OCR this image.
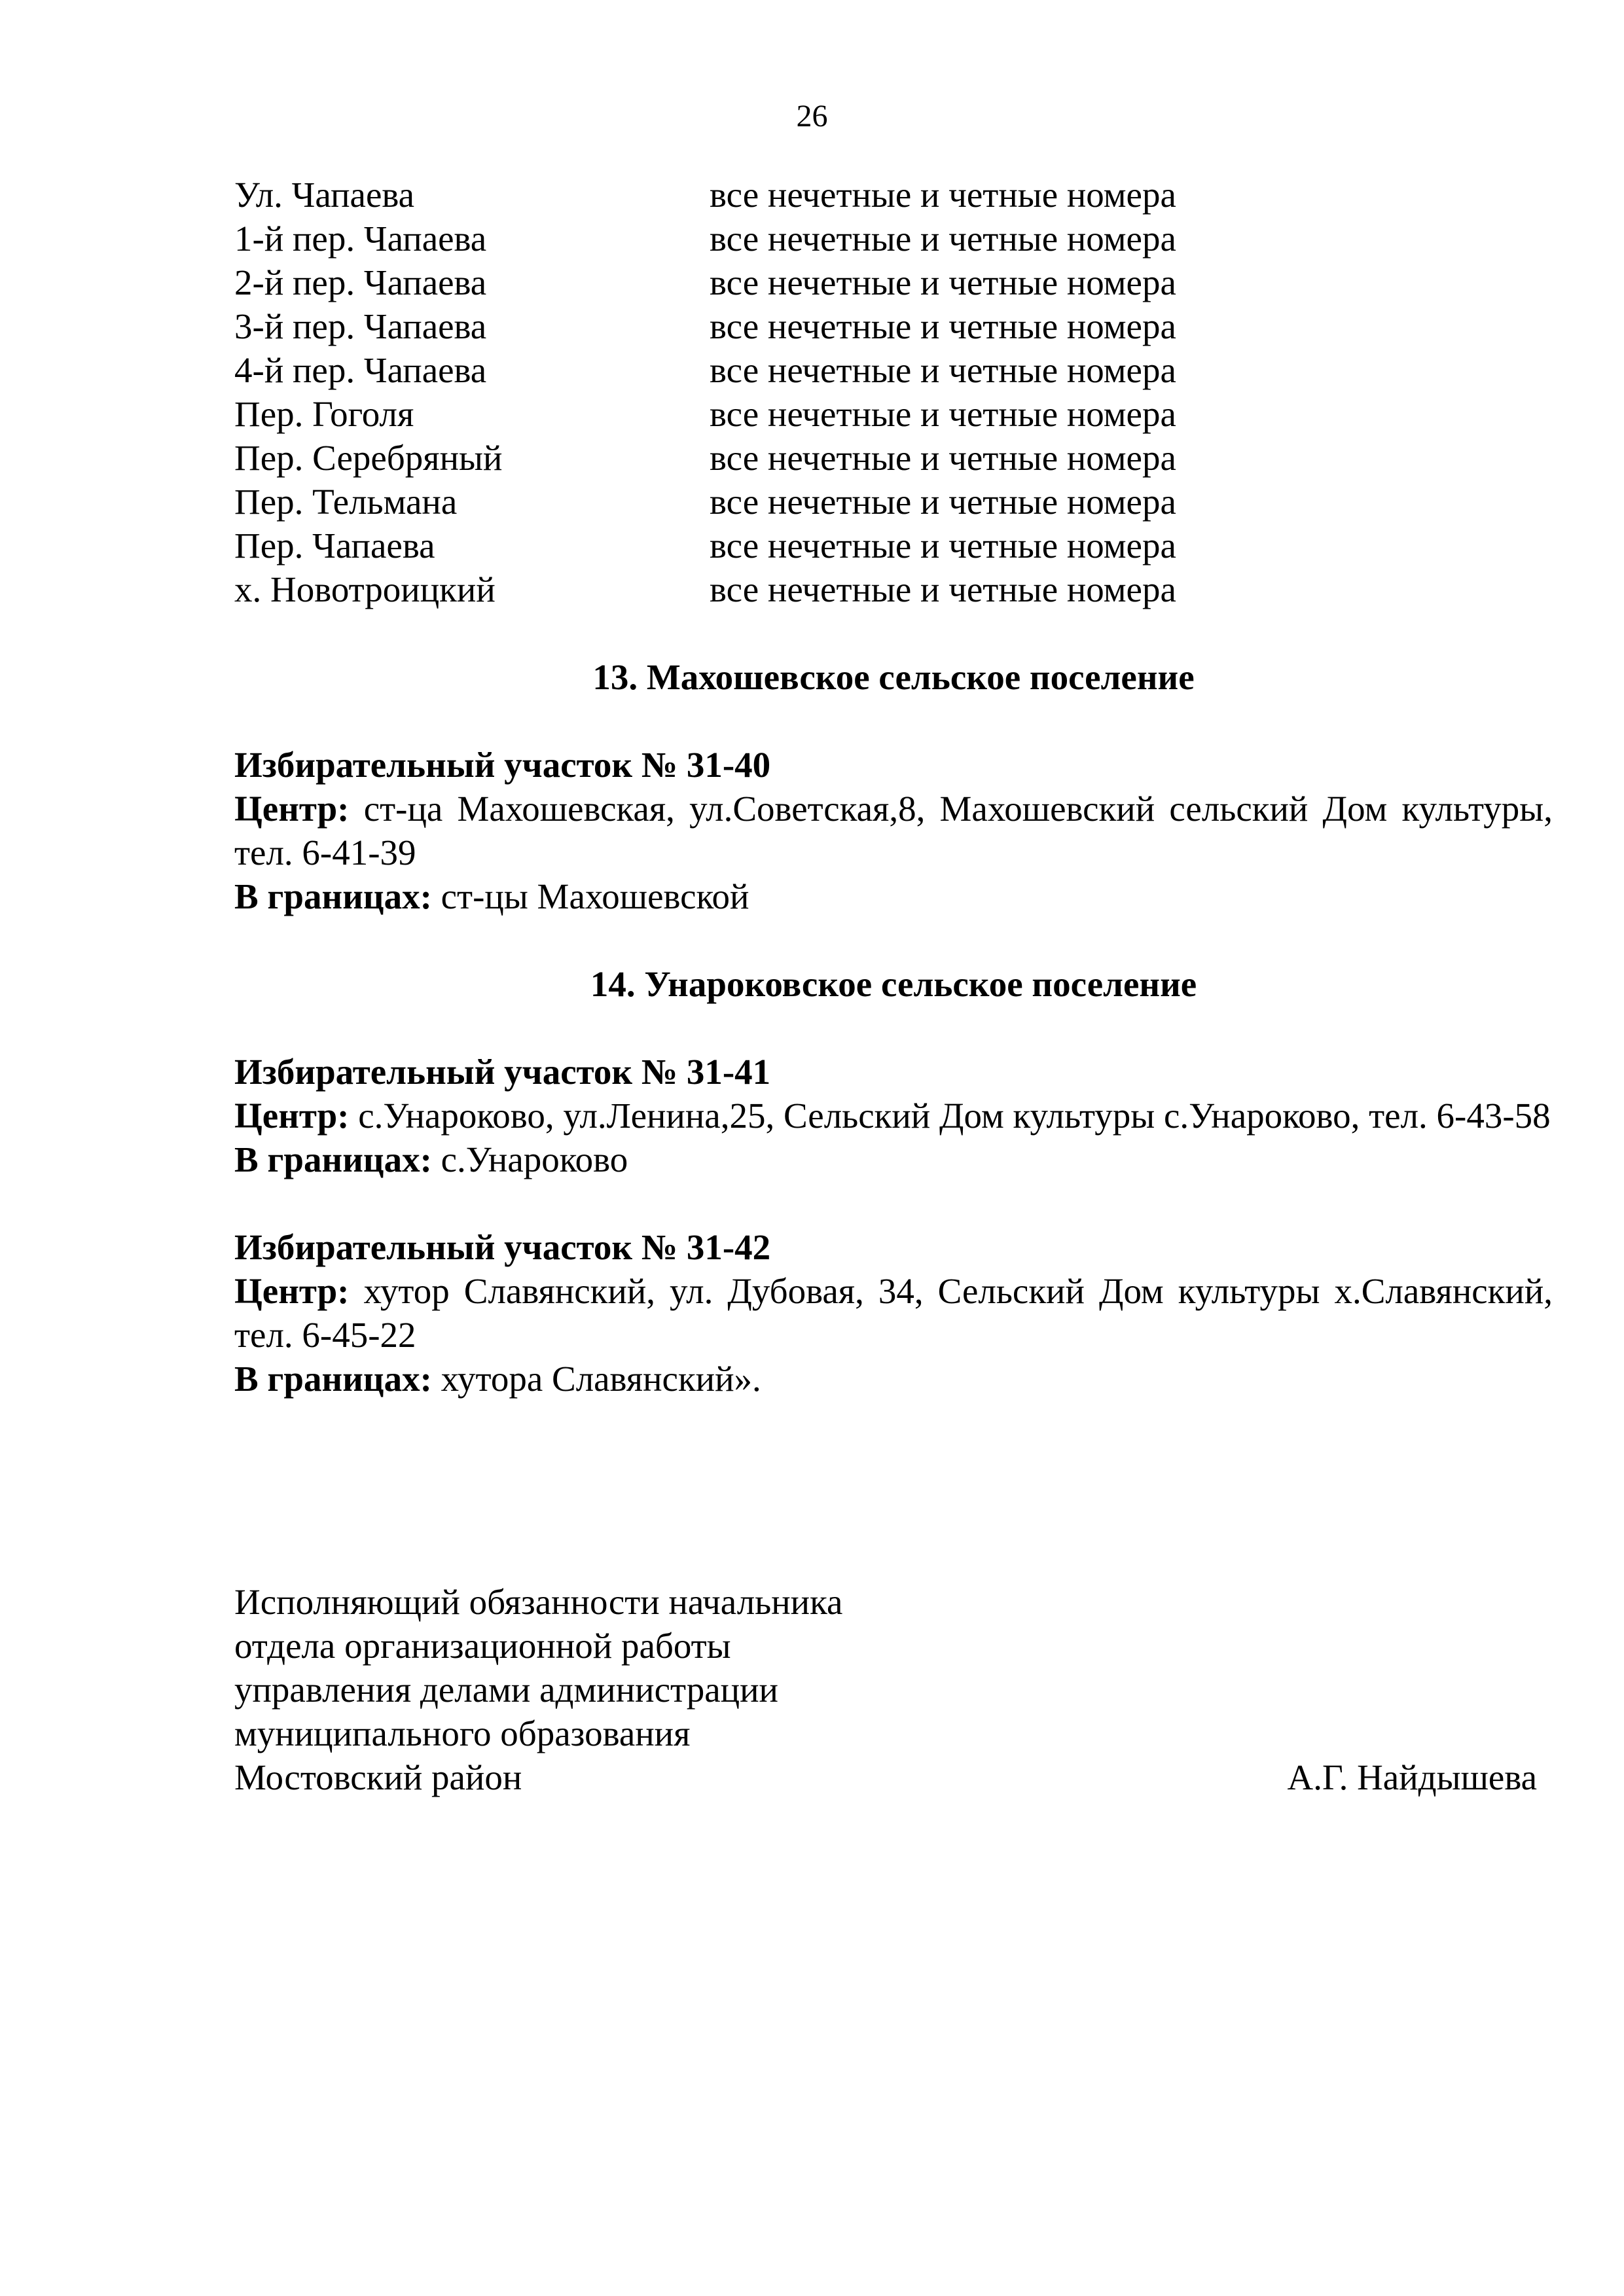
26
Ул. Чапаева	все нечетные и четные номера
1-й пер. Чапаева	все нечетные и четные номера
2-й пер. Чапаева	все нечетные и четные номера
3-й пер. Чапаева	все нечетные и четные номера
4-й пер. Чапаева	все нечетные и четные номера
Пер. Гоголя	все нечетные и четные номера
Пер. Серебряный	все нечетные и четные номера
Пер. Тельмана	все нечетные и четные номера
Пер. Чапаева	все нечетные и четные номера
х. Новотроицкий	все нечетные и четные номера

13. Махошевское сельское поселение

Избирательный участок № 31-40

Центр: ст-ца Махошевская, ул.Советская,8, Махошевский сельский Дом культуры, тел. 6-41-39

В границах: ст-цы Махошевской

14. Унароковское сельское поселение

Избирательный участок № 31-41

Центр: с.Унароково, ул.Ленина,25, Сельский Дом культуры с.Унароково, тел. 6-43-58

В границах: с.Унароково

Избирательный участок № 31-42

Центр: хутор Славянский, ул. Дубовая, 34, Сельский Дом культуры х.Славянский, тел. 6-45-22

В границах: хутора Славянский».

Исполняющий обязанности начальника
отдела организационной работы
управления делами администрации
муниципального образования
Мостовский район	А.Г. Найдышева
